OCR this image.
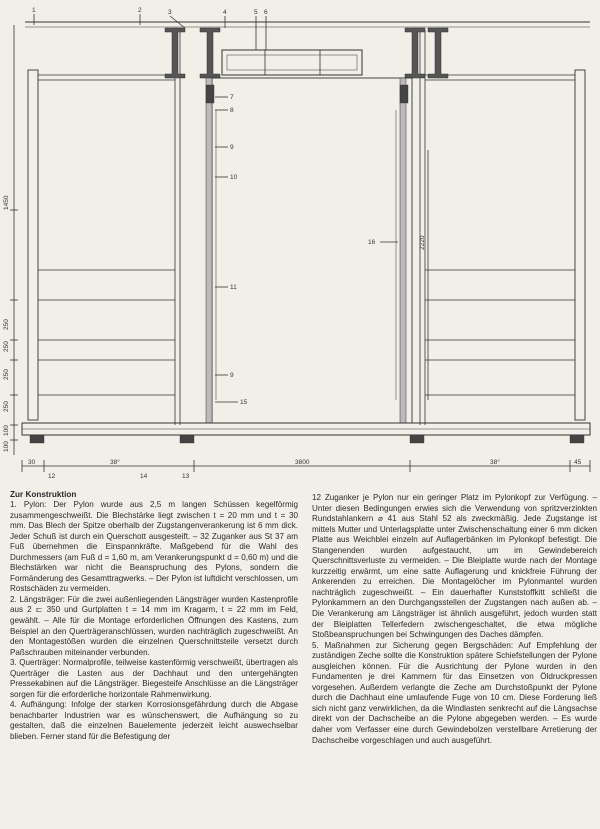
1	2	3	4	5 6
7
8
9
10
11
9
15
16
12	14	13
1450
250
250
250
250
100
100
2220
30	38°	3800	38°	45
Zur Konstruktion

1. Pylon: Der Pylon wurde aus 2,5 m langen Schüssen kegelförmig zusammengeschweißt. Die Blechstärke liegt zwischen t = 20 mm und t = 30 mm. Das Blech der Spitze oberhalb der Zugstangenverankerung ist 6 mm dick. Jeder Schuß ist durch ein Querschott ausgesteift. – 32 Zuganker aus St 37 am Fuß übernehmen die Einspannkräfte. Maßgebend für die Wahl des Durchmessers (am Fuß d = 1,60 m, am Verankerungspunkt d = 0,60 m) und die Blechstärken war nicht die Beanspruchung des Pylons, sondern die Formänderung des Gesamttragwerks. – Der Pylon ist luftdicht verschlossen, um Rostschäden zu vermeiden.

2. Längsträger: Für die zwei außenliegenden Längsträger wurden Kastenprofile aus 2 ⊏ 350 und Gurtplatten t = 14 mm im Kragarm, t = 22 mm im Feld, gewählt. – Alle für die Montage erforderlichen Öffnungen des Kastens, zum Beispiel an den Querträgeranschlüssen, wurden nachträglich zugeschweißt. An den Montagestößen wurden die einzelnen Querschnittsteile versetzt durch Paßschrauben miteinander verbunden.

3. Querträger: Normalprofile, teilweise kastenförmig verschweißt, übertragen als Querträger die Lasten aus der Dachhaut und den untergehängten Pressekabinen auf die Längsträger. Biegesteife Anschlüsse an die Längsträger sorgen für die erforderliche horizontale Rahmenwirkung.

4. Aufhängung: Infolge der starken Korrosionsgefährdung durch die Abgase benachbarter Industrien war es wünschenswert, die Aufhängung so zu gestalten, daß die einzelnen Bauelemente jederzeit leicht auswechselbar blieben. Ferner stand für die Befestigung der

12 Zuganker je Pylon nur ein geringer Platz im Pylonkopf zur Verfügung. – Unter diesen Bedingungen erwies sich die Verwendung von spritzverzinkten Rundstahlankern ⌀ 41 aus Stahl 52 als zweckmäßig. Jede Zugstange ist mittels Mutter und Unterlagsplatte unter Zwischenschaltung einer 6 mm dicken Platte aus Weichblei einzeln auf Auflagerbänken im Pylonkopf befestigt. Die Stangenenden wurden aufgestaucht, um im Gewindebereich Querschnittsverluste zu vermeiden. – Die Bleiplatte wurde nach der Montage kurzzeitig erwärmt, um eine satte Auflagerung und knickfreie Führung der Ankerenden zu erreichen. Die Montagelöcher im Pylonmantel wurden nachträglich zugeschweißt. – Ein dauerhafter Kunststoffkitt schließt die Pylonkammern an den Durchgangsstellen der Zugstangen nach außen ab. – Die Verankerung am Längsträger ist ähnlich ausgeführt, jedoch wurden statt der Bleiplatten Tellerfedern zwischengeschaltet, die etwa mögliche Stoßbeanspruchungen bei Schwingungen des Daches dämpfen.

5. Maßnahmen zur Sicherung gegen Bergschäden: Auf Empfehlung der zuständigen Zeche sollte die Konstruktion spätere Schiefstellungen der Pylone ausgleichen können. Für die Ausrichtung der Pylone wurden in den Fundamenten je drei Kammern für das Einsetzen von Öldruckpressen vorgesehen. Außerdem verlangte die Zeche am Durchstoßpunkt der Pylone durch die Dachhaut eine umlaufende Fuge von 10 cm. Diese Forderung ließ sich nicht ganz verwirklichen, da die Windlasten senkrecht auf die Längsachse direkt von der Dachscheibe an die Pylone abgegeben werden. – Es wurde daher vom Verfasser eine durch Gewindebolzen verstellbare Arretierung der Dachscheibe vorgeschlagen und auch ausgeführt.
